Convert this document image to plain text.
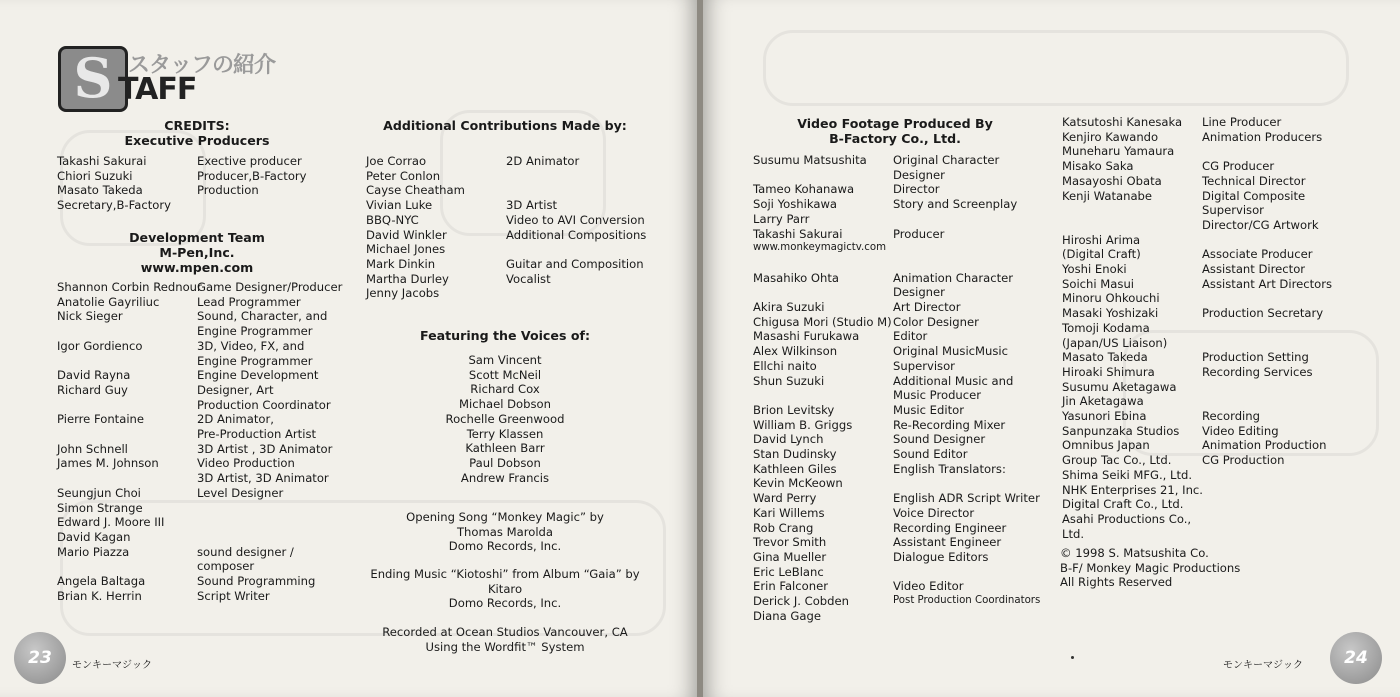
S TAFF
スタッフの紹介
CREDITS:
Executive Producers
Takashi Sakurai
Chiori Suzuki
Masato Takeda
Secretary,B-Factory
Exective producer
Producer,B-Factory
Production
Development Team
M-Pen,Inc.
www.mpen.com
Shannon Corbin Rednour
Anatolie Gayriliuc
Nick Sieger

Igor Gordienco

David Rayna
Richard Guy

Pierre Fontaine

John Schnell
James M. Johnson

Seungjun Choi
Simon Strange
Edward J. Moore III
David Kagan
Mario Piazza

Angela Baltaga
Brian K. Herrin
Game Designer/Producer
Lead Programmer
Sound, Character, and
Engine Programmer
3D, Video, FX, and
Engine Programmer
Engine Development
Designer, Art
Production Coordinator
2D Animator,
Pre-Production Artist
3D Artist , 3D Animator
Video Production
3D Artist, 3D Animator
Level Designer

sound designer /
composer
Sound Programming
Script Writer
Additional Contributions Made by:
Joe Corrao
Peter Conlon
Cayse Cheatham
Vivian Luke
BBQ-NYC
David Winkler
Michael Jones
Mark Dinkin
Martha Durley
Jenny Jacobs
2D Animator

3D Artist
Video to AVI Conversion
Additional Compositions

Guitar and Composition
Vocalist
Featuring the Voices of:
Sam Vincent
Scott McNeil
Richard Cox
Michael Dobson
Rochelle Greenwood
Terry Klassen
Kathleen Barr
Paul Dobson
Andrew Francis
Opening Song “Monkey Magic” by
Thomas Marolda
Domo Records, Inc.
Ending Music “Kiotoshi” from Album “Gaia” by
Kitaro
Domo Records, Inc.
Recorded at Ocean Studios Vancouver, CA
Using the Wordfit™ System
23	モンキーマジック
Video Footage Produced By
B-Factory Co., Ltd.
Susumu Matsushita

Tameo Kohanawa
Soji Yoshikawa
Larry Parr
Takashi Sakurai
www.monkeymagictv.com

Masahiko Ohta

Akira Suzuki
Chigusa Mori (Studio M)
Masashi Furukawa
Alex Wilkinson
Ellchi naito
Shun Suzuki

Brion Levitsky
William B. Griggs
David Lynch
Stan Dudinsky
Kathleen Giles
Kevin McKeown
Ward Perry
Kari Willems
Rob Crang
Trevor Smith
Gina Mueller
Eric LeBlanc
Erin Falconer
Derick J. Cobden
Diana Gage
Original Character
Designer
Director
Story and Screenplay

Producer

Animation Character
Designer
Art Director
Color Designer
Editor
Original MusicMusic
Supervisor
Additional Music and
Music Producer
Music Editor
Re-Recording Mixer
Sound Designer
Sound Editor
English Translators:

English ADR Script Writer
Voice Director
Recording Engineer
Assistant Engineer
Dialogue Editors

Video Editor
Post Production Coordinators
Katsutoshi Kanesaka
Kenjiro Kawando
Muneharu Yamaura
Misako Saka
Masayoshi Obata
Kenji Watanabe

Hiroshi Arima
(Digital Craft)
Yoshi Enoki
Soichi Masui
Minoru Ohkouchi
Masaki Yoshizaki
Tomoji Kodama
(Japan/US Liaison)
Masato Takeda
Hiroaki Shimura
Susumu Aketagawa
Jin Aketagawa
Yasunori Ebina
Sanpunzaka Studios
Omnibus Japan
Group Tac Co., Ltd.
Shima Seiki MFG., Ltd.
NHK Enterprises 21, Inc.
Digital Craft Co., Ltd.
Asahi Productions Co.,
Ltd.
Line Producer
Animation Producers

CG Producer
Technical Director
Digital Composite
Supervisor
Director/CG Artwork

Associate Producer
Assistant Director
Assistant Art Directors

Production Secretary

Production Setting
Recording Services

Recording
Video Editing
Animation Production
CG Production
© 1998 S. Matsushita Co.
B-F/ Monkey Magic Productions
All Rights Reserved
モンキーマジック	24
